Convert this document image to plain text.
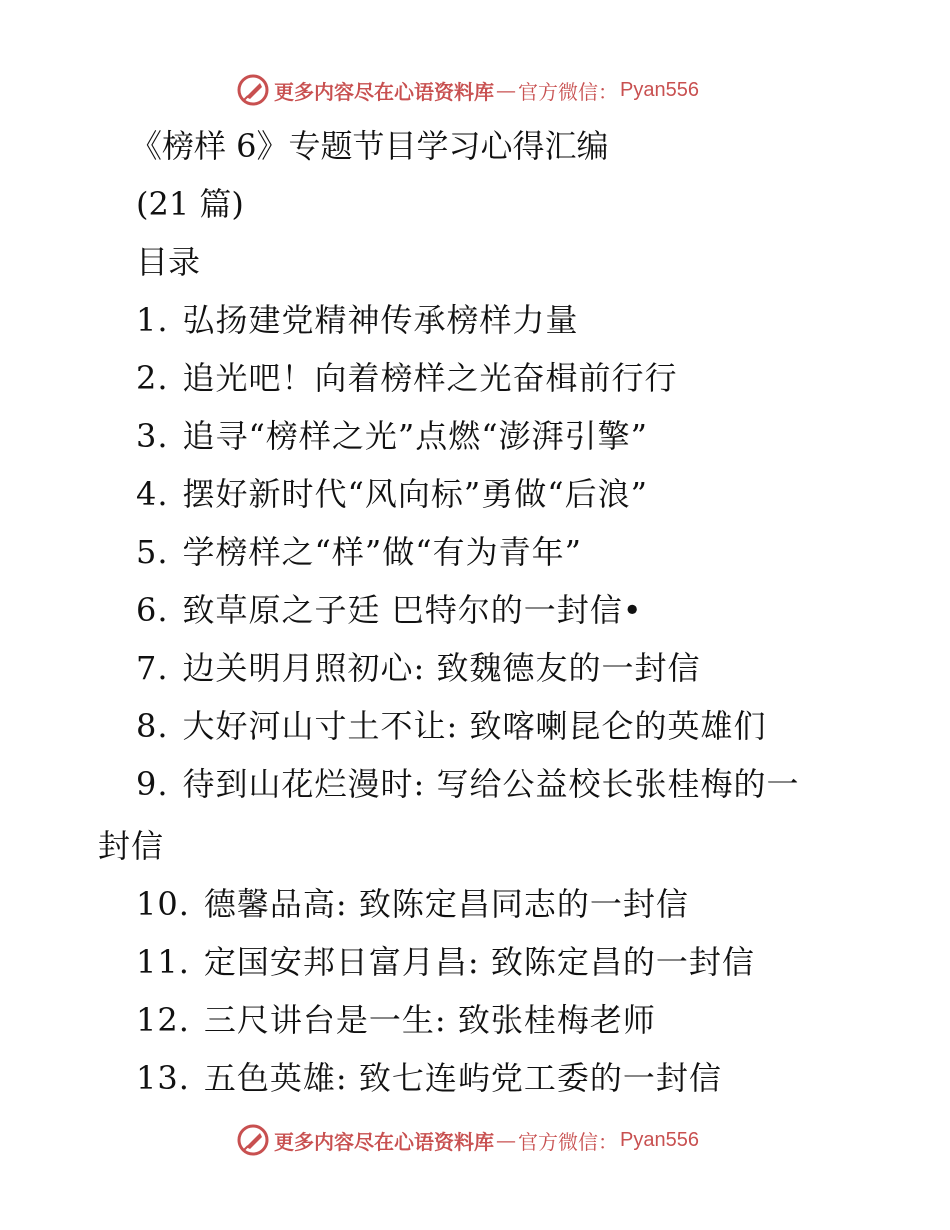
更多内容尽在心语资料库 — 官方微信： Pyan556
《榜样 6》专题节目学习心得汇编
(21 篇)
目录
1. 弘扬建党精神传承榜样力量
2. 追光吧！向着榜样之光奋楫前行行
3. 追寻“榜样之光”点燃“澎湃引擎”
4. 摆好新时代“风向标”勇做“后浪”
5. 学榜样之“样”做“有为青年”
6. 致草原之子廷 巴特尔的一封信•
7. 边关明月照初心: 致魏德友的一封信
8. 大好河山寸土不让: 致喀喇昆仑的英雄们
9. 待到山花烂漫时: 写给公益校长张桂梅的一
封信
10. 德馨品高: 致陈定昌同志的一封信
11. 定国安邦日富月昌: 致陈定昌的一封信
12. 三尺讲台是一生: 致张桂梅老师
13. 五色英雄: 致七连屿党工委的一封信
更多内容尽在心语资料库 — 官方微信： Pyan556
